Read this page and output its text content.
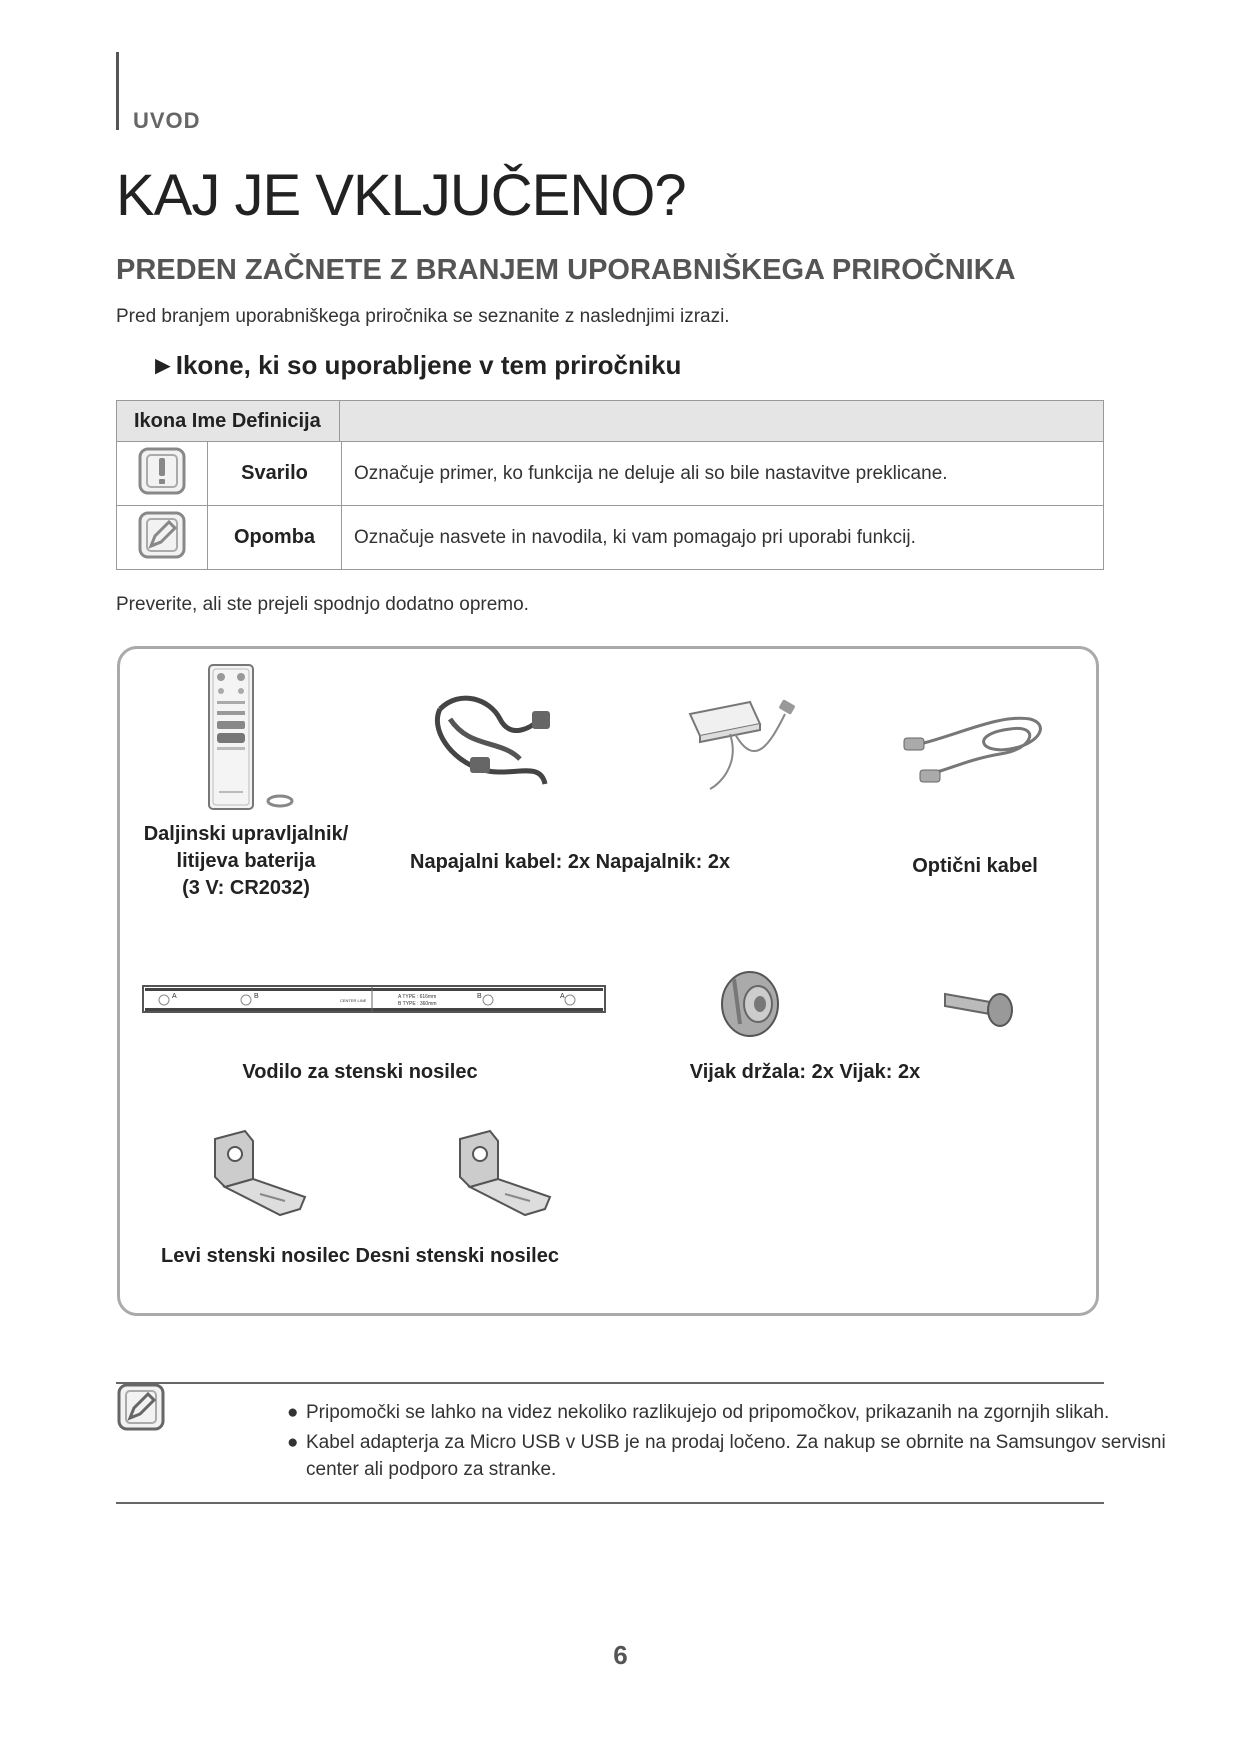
UVOD
KAJ JE VKLJUČENO?
PREDEN ZAČNETE Z BRANJEM UPORABNIŠKEGA PRIROČNIKA
Pred branjem uporabniškega priročnika se seznanite z naslednjimi izrazi.
►Ikone, ki so uporabljene v tem priročniku
Ikona Ime Definicija		

	Svarilo	Označuje primer, ko funkcija ne deluje ali so bile nastavitve preklicane.
	Opomba	Označuje nasvete in navodila, ki vam pomagajo pri uporabi funkcij.
Preverite, ali ste prejeli spodnjo dodatno opremo.
Daljinski upravljalnik/
litijeva baterija
(3 V: CR2032)
Napajalni kabel: 2x Napajalnik: 2x	Optični kabel
A	B	B	A
CENTER LINE
A TYPE : 616mm
B TYPE : 360mm
Vodilo za stenski nosilec	Vijak držala: 2x Vijak: 2x
Levi stenski nosilec Desni stenski nosilec
● Pripomočki se lahko na videz nekoliko razlikujejo od pripomočkov, prikazanih na zgornjih slikah.
● Kabel adapterja za Micro USB v USB je na prodaj ločeno. Za nakup se obrnite na Samsungov servisni center ali podporo za stranke.
6
